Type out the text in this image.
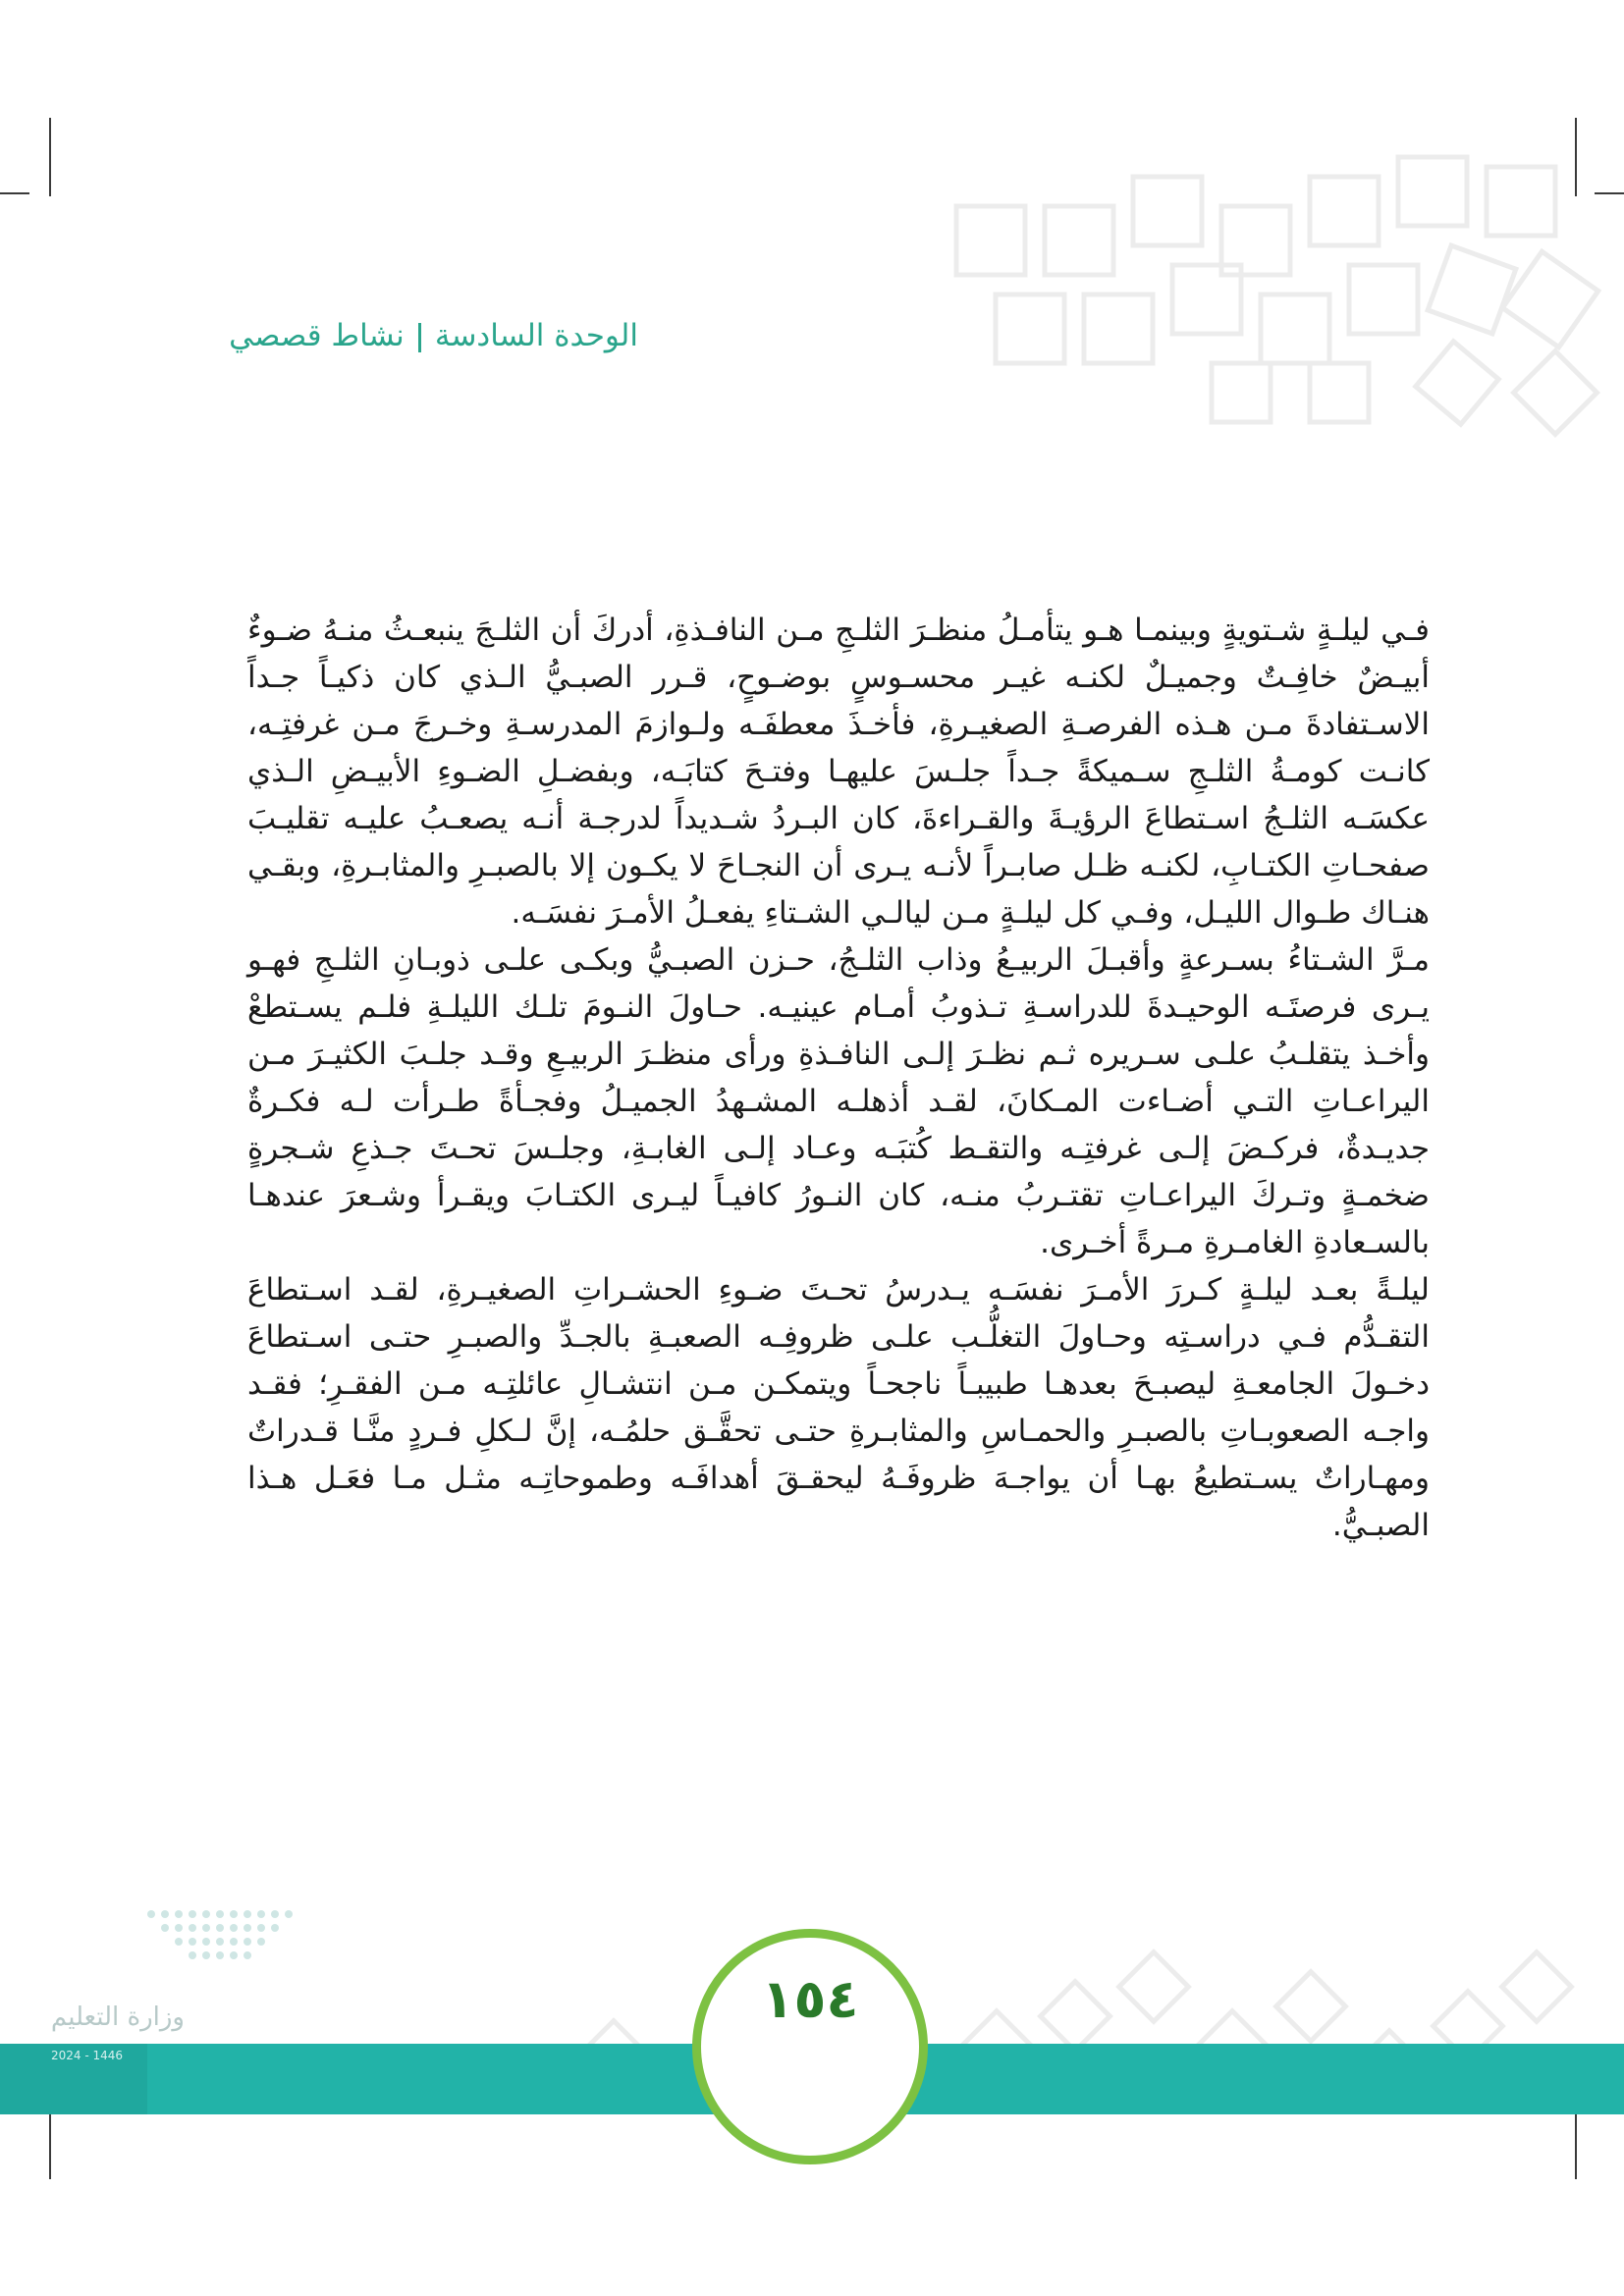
الوحدة السادسةنشاط قصصي

فـي ليلـةٍ شـتويةٍ وبينمـا هـو يتأمـلُ منظـرَ الثلـجِ مـن النافـذةِ، أدركَ أن الثلـجَ ينبعـثُ منـهُ ضـوءٌ أبيـضٌ خافِـتٌ وجميـلٌ لكنـه غيـر محسـوسٍ بوضـوحٍ، قـرر الصبـيُّ الـذي كان ذكيـاً جـداً الاسـتفادةَ مـن هـذه الفرصـةِ الصغيـرةِ، فأخـذَ معطفَـه ولـوازمَ المدرسـةِ وخـرجَ مـن غرفتِـه، كانـت كومـةُ الثلـجِ سـميكةً جـداً جلـسَ عليهـا وفتـحَ كتابَـه، وبفضـلِ الضـوءِ الأبيـضِ الـذي عكسَـه الثلـجُ اسـتطاعَ الرؤيـةَ والقـراءةَ، كان البـردُ شـديداً لدرجـة أنـه يصعـبُ عليـه تقليـبَ صفحـاتِ الكتـابِ، لكنـه ظـل صابـراً لأنـه يـرى أن النجـاحَ لا يكـون إلا بالصبـرِ والمثابـرةِ، وبقـي هنـاك طـوال الليـل، وفـي كل ليلـةٍ مـن ليالـي الشـتاءِ يفعـلُ الأمـرَ نفسَـه.

مـرَّ الشـتاءُ بسـرعةٍ وأقبـلَ الربيـعُ وذاب الثلـجُ، حـزن الصبـيُّ وبكـى علـى ذوبـانِ الثلـجِ فهـو يـرى فرصتَـه الوحيـدةَ للدراسـةِ تـذوبُ أمـام عينيـه. حـاولَ النـومَ تلـك الليلـةِ فلـم يسـتطعْ وأخـذ يتقلـبُ علـى سـريره ثـم نظـرَ إلـى النافـذةِ ورأى منظـرَ الربيـعِ وقـد جلـبَ الكثيـرَ مـن اليراعـاتِ التـي أضـاءت المـكانَ، لقـد أذهلـه المشـهدُ الجميـلُ وفجـأةً طـرأت لـه فكـرةٌ جديـدةٌ، فركـضَ إلـى غرفتِـه والتقـط كُتبَـه وعـاد إلـى الغابـةِ، وجلـسَ تحـتَ جـذعِ شـجرةٍ ضخمـةٍ وتـركَ اليراعـاتِ تقتـربُ منـه، كان النـورُ كافيـاً ليـرى الكتـابَ ويقـرأ وشـعرَ عندهـا بالسـعادةِ الغامـرةِ مـرةً أخـرى.

ليلـةً بعـد ليلـةٍ كـررَ الأمـرَ نفسَـه يـدرسُ تحـتَ ضـوءِ الحشـراتِ الصغيـرةِ، لقـد اسـتطاعَ التقـدُّم فـي دراسـتِه وحـاولَ التغلُّـب علـى ظروفِـه الصعبـةِ بالجـدِّ والصبـرِ حتـى اسـتطاعَ دخـولَ الجامعـةِ ليصبـحَ بعدهـا طبيبـاً ناجحـاً ويتمكـن مـن انتشـالِ عائلتِـه مـن الفقـرِ؛ فقـد واجـه الصعوبـاتِ بالصبـرِ والحمـاسِ والمثابـرةِ حتـى تحقَّـق حلمُـه، إنَّ لـكلِ فـردٍ منَّـا قـدراتٌ ومهـاراتٌ يسـتطيعُ بهـا أن يواجـهَ ظروفَـهُ ليحقـقَ أهدافَـه وطموحاتِـه مثـل مـا فعَـل هـذا الصبـيُّ.

وزارة التعليم
2024 - 1446
١٥٤
